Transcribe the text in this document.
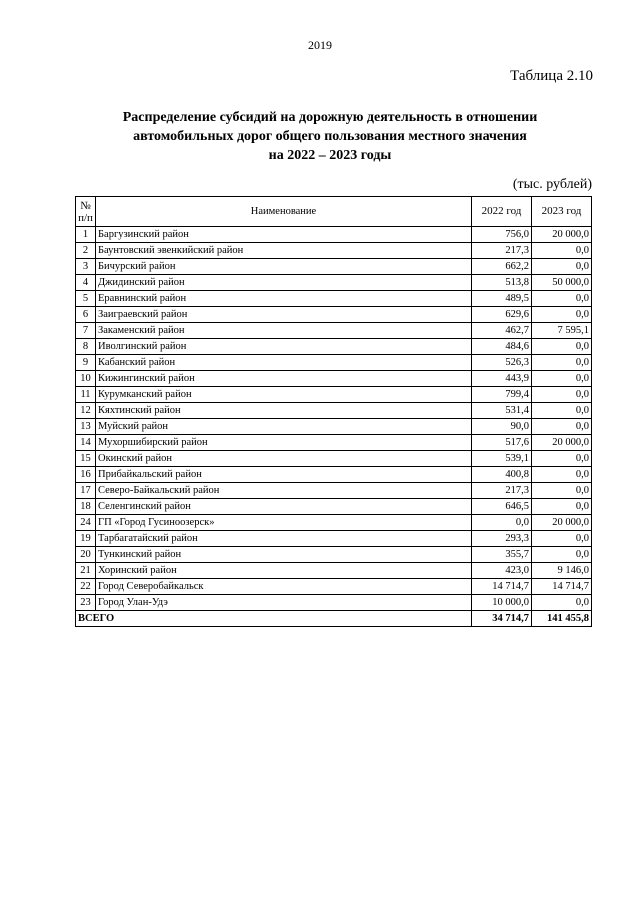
2019
Таблица 2.10
Распределение субсидий на дорожную деятельность в отношении
автомобильных дорог общего пользования местного значения
на 2022 – 2023 годы
(тыс. рублей)
№
п/п	Наименование	2022 год	2023 год
1	Баргузинский район	756,0	20 000,0
2	Баунтовский эвенкийский район	217,3	0,0
3	Бичурский район	662,2	0,0
4	Джидинский район	513,8	50 000,0
5	Еравнинский район	489,5	0,0
6	Заиграевский район	629,6	0,0
7	Закаменский район	462,7	7 595,1
8	Иволгинский район	484,6	0,0
9	Кабанский район	526,3	0,0
10	Кижингинский район	443,9	0,0
11	Курумканский район	799,4	0,0
12	Кяхтинский район	531,4	0,0
13	Муйский район	90,0	0,0
14	Мухоршибирский район	517,6	20 000,0
15	Окинский район	539,1	0,0
16	Прибайкальский район	400,8	0,0
17	Северо-Байкальский район	217,3	0,0
18	Селенгинский район	646,5	0,0
24	ГП «Город Гусиноозерск»	0,0	20 000,0
19	Тарбагатайский район	293,3	0,0
20	Тункинский район	355,7	0,0
21	Хоринский район	423,0	9 146,0
22	Город Северобайкальск	14 714,7	14 714,7
23	Город Улан-Удэ	10 000,0	0,0
ВСЕГО		34 714,7	141 455,8
